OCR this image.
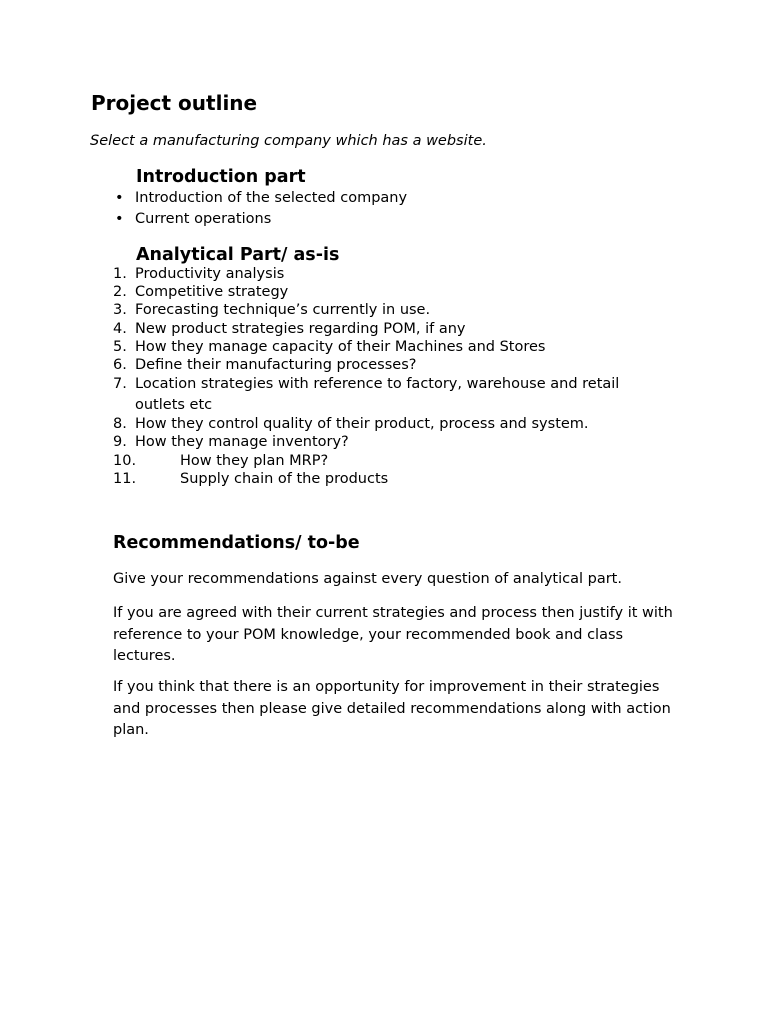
Project outline

Select a manufacturing company which has a website.

Introduction part
• Introduction of the selected company
• Current operations
Analytical Part/ as-is
1. Productivity analysis
2. Competitive strategy
3. Forecasting technique’s currently in use.
4. New product strategies regarding POM, if any
5. How they manage capacity of their Machines and Stores
6. Define their manufacturing processes?
7. Location strategies with reference to factory, warehouse and retail outlets etc
8. How they control quality of their product, process and system.
9. How they manage inventory?
10.	How they plan MRP?
11.	Supply chain of the products
Recommendations/ to-be

Give your recommendations against every question of analytical part.

If you are agreed with their current strategies and process then justify it with reference to your POM knowledge, your recommended book and class lectures.

If you think that there is an opportunity for improvement in their strategies and processes then please give detailed recommendations along with action plan.
